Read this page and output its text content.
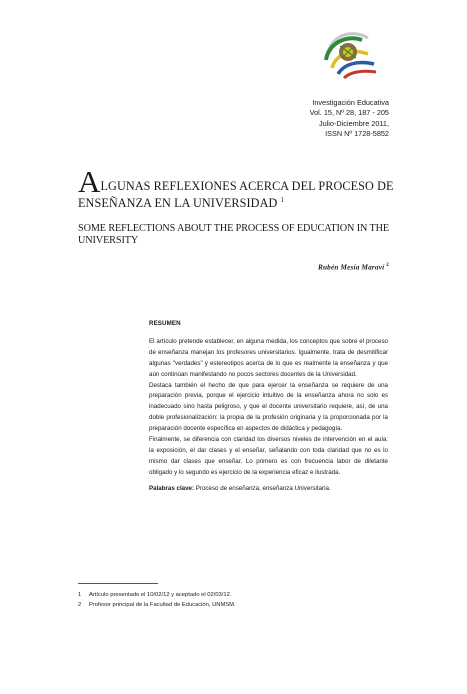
Investigación Educativa
Vol. 15, Nº 28, 187 - 205
Julio-Diciembre 2011,
ISSN Nº 1728-5852
ALGUNAS REFLEXIONES ACERCA DEL PROCESO DE ENSEÑANZA EN LA UNIVERSIDAD $^1$
SOME REFLECTIONS ABOUT THE PROCESS OF EDUCATION IN THE UNIVERSITY
Rubén Mesía Maraví $^2$
RESUMEN

El artículo pretende establecer, en alguna medida, los conceptos que sobre el proceso de enseñanza manejan los profesores universitarios. Igualmente, trata de desmitificar algunas "verdades" y estereotipos acerca de lo que es realmente la enseñanza y que aún continúan manifestando no pocos sectores docentes de la Universidad.

Destaca también el hecho de que para ejercer la enseñanza se requiere de una preparación previa, porque el ejercicio intuitivo de la enseñanza ahora no solo es inadecuado sino hasta peligroso, y que el docente universitario requiere, así, de una doble profesionalización: la propia de la profesión originaria y la proporcionada por la preparación docente específica en aspectos de didáctica y pedagogía.

Finalmente, se diferencia con claridad los diversos niveles de intervención en el aula: la exposición, el dar clases y el enseñar, señalando con toda claridad que no es lo mismo dar clases que enseñar. Lo primero es con frecuencia labor de diletante obligado y lo segundo es ejercicio de la experiencia eficaz e ilustrada.

Palabras clave: Proceso de enseñanza, enseñanza Universitaria.

1 Artículo presentado el 10/02/12 y aceptado el 02/03/12.
2 Profesor principal de la Facultad de Educación, UNMSM.
